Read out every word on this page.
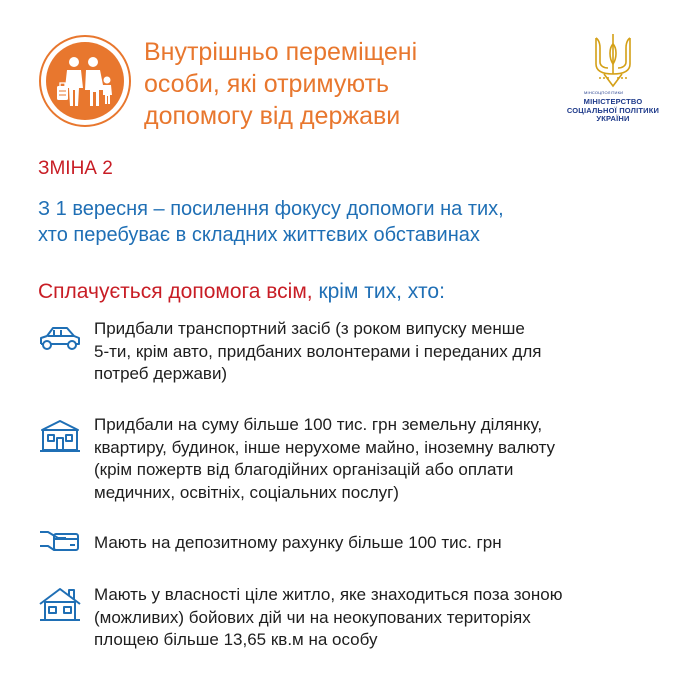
Внутрішньо переміщені
особи, які отримують
допомогу від держави
МІНСОЦПОЛІТИКИ
МІНІСТЕРСТВО
СОЦІАЛЬНОЇ ПОЛІТИКИ
УКРАЇНИ
ЗМІНА 2
З 1 вересня – посилення фокусу допомоги на тих,
хто перебуває в складних життєвих обставинах
Сплачується допомога всім, крім тих, хто:
Придбали транспортний засіб (з роком випуску менше
5-ти, крім авто, придбаних волонтерами і переданих для
потреб держави)
Придбали на суму більше 100 тис. грн земельну ділянку,
квартиру, будинок, інше нерухоме майно, іноземну валюту
(крім пожертв від благодійних організацій або оплати
медичних, освітніх, соціальних послуг)
Мають на депозитному рахунку більше 100 тис. грн
Мають у власності ціле житло, яке знаходиться поза зоною
(можливих) бойових дій чи на неокупованих територіях
площею більше 13,65 кв.м на особу
